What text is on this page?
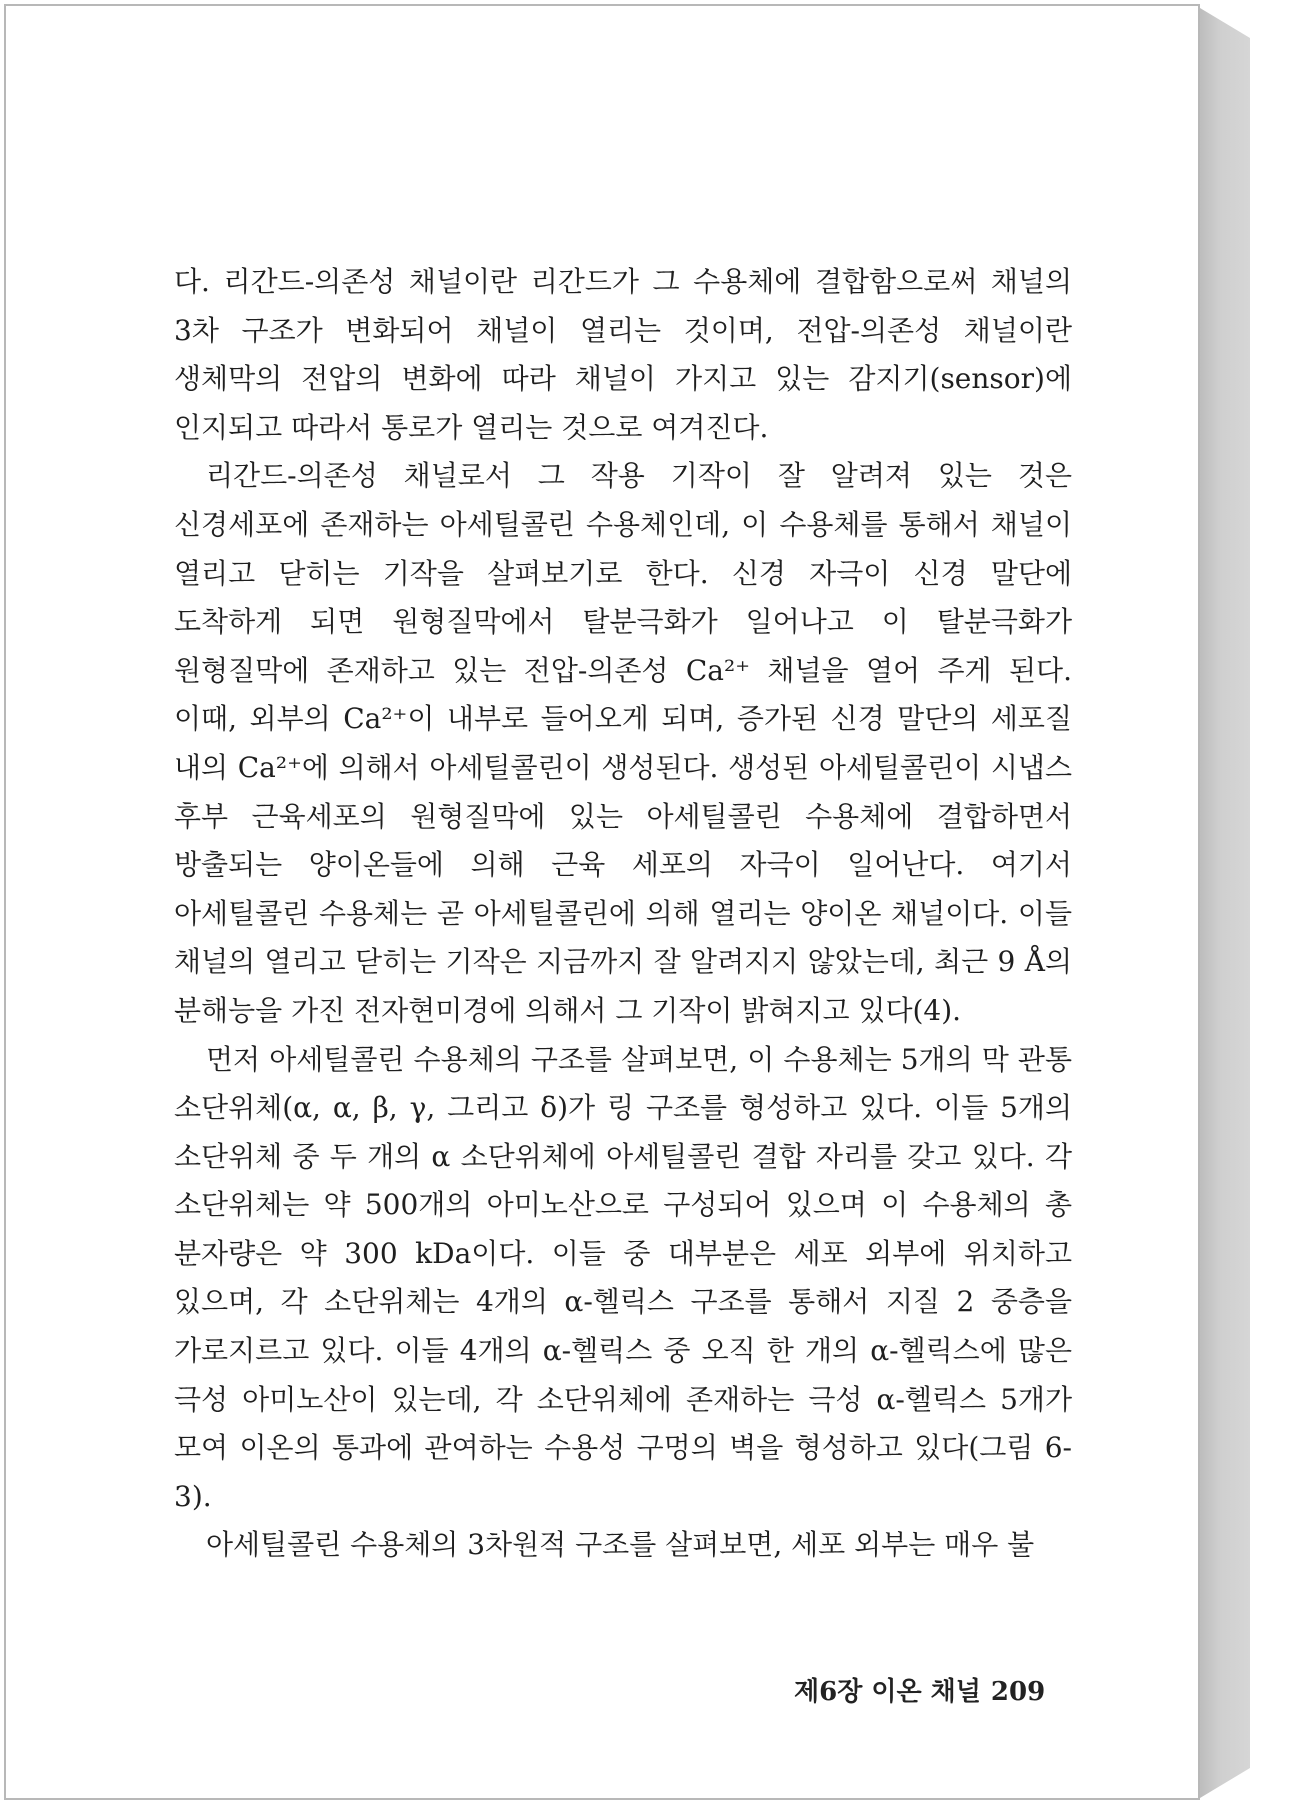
다. 리간드-의존성 채널이란 리간드가 그 수용체에 결합함으로써 채널의 3차 구조가 변화되어 채널이 열리는 것이며, 전압-의존성 채널이란 생체막의 전압의 변화에 따라 채널이 가지고 있는 감지기(sensor)에 인지되고 따라서 통로가 열리는 것으로 여겨진다.

리간드-의존성 채널로서 그 작용 기작이 잘 알려져 있는 것은 신경세포에 존재하는 아세틸콜린 수용체인데, 이 수용체를 통해서 채널이 열리고 닫히는 기작을 살펴보기로 한다. 신경 자극이 신경 말단에 도착하게 되면 원형질막에서 탈분극화가 일어나고 이 탈분극화가 원형질막에 존재하고 있는 전압-의존성 Ca²⁺ 채널을 열어 주게 된다. 이때, 외부의 Ca²⁺이 내부로 들어오게 되며, 증가된 신경 말단의 세포질 내의 Ca²⁺에 의해서 아세틸콜린이 생성된다. 생성된 아세틸콜린이 시냅스 후부 근육세포의 원형질막에 있는 아세틸콜린 수용체에 결합하면서 방출되는 양이온들에 의해 근육 세포의 자극이 일어난다. 여기서 아세틸콜린 수용체는 곧 아세틸콜린에 의해 열리는 양이온 채널이다. 이들 채널의 열리고 닫히는 기작은 지금까지 잘 알려지지 않았는데, 최근 9 Å의 분해능을 가진 전자현미경에 의해서 그 기작이 밝혀지고 있다(4).

먼저 아세틸콜린 수용체의 구조를 살펴보면, 이 수용체는 5개의 막 관통 소단위체(α, α, β, γ, 그리고 δ)가 링 구조를 형성하고 있다. 이들 5개의 소단위체 중 두 개의 α 소단위체에 아세틸콜린 결합 자리를 갖고 있다. 각 소단위체는 약 500개의 아미노산으로 구성되어 있으며 이 수용체의 총 분자량은 약 300 kDa이다. 이들 중 대부분은 세포 외부에 위치하고 있으며, 각 소단위체는 4개의 α-헬릭스 구조를 통해서 지질 2 중층을 가로지르고 있다. 이들 4개의 α-헬릭스 중 오직 한 개의 α-헬릭스에 많은 극성 아미노산이 있는데, 각 소단위체에 존재하는 극성 α-헬릭스 5개가 모여 이온의 통과에 관여하는 수용성 구멍의 벽을 형성하고 있다(그림 6-3).

아세틸콜린 수용체의 3차원적 구조를 살펴보면, 세포 외부는 매우 불

제6장 이온 채널 209
